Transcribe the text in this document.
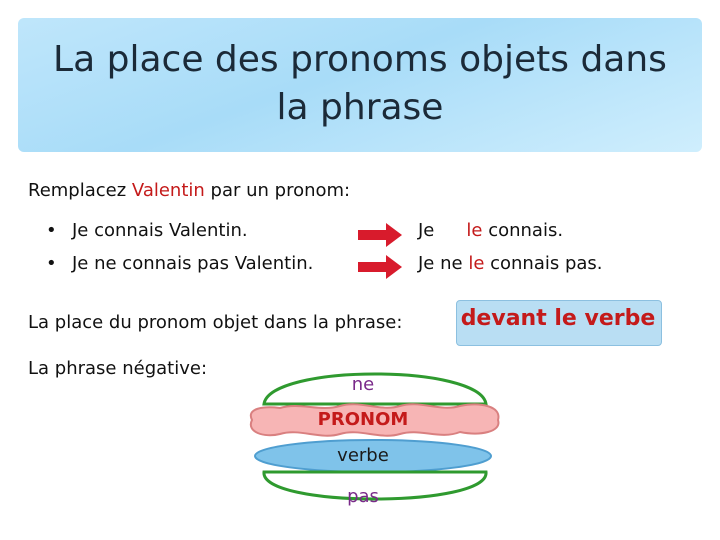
La place des pronoms objets dans
la phrase
Remplacez Valentin par un pronom:
• Je connais Valentin.
• Je ne connais pas Valentin.
Je le connais.
Je ne le connais pas.
La place du pronom objet dans la phrase:	devant le verbe
La phrase négative:
ne
PRONOM
verbe
pas
